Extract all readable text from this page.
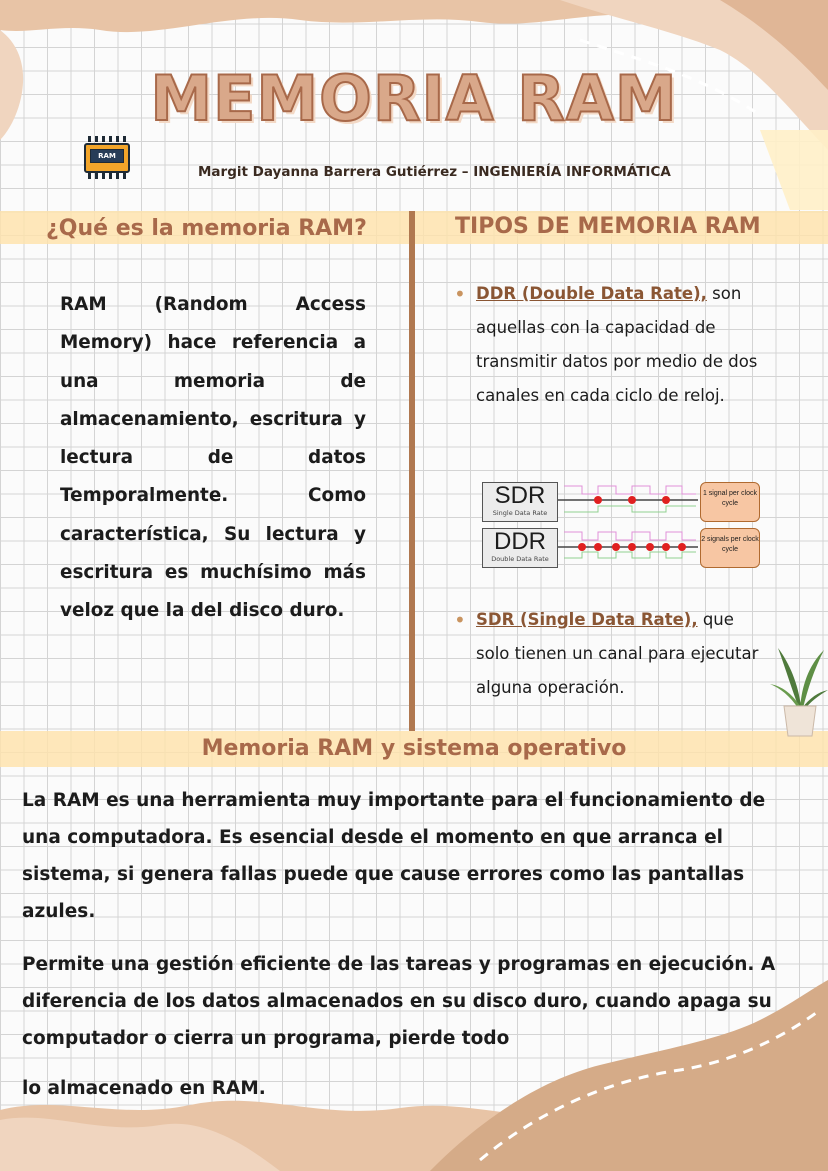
MEMORIA RAM
RAM
Margit Dayanna Barrera Gutiérrez – INGENIERÍA INFORMÁTICA
¿Qué es la memoria RAM?	TIPOS DE MEMORIA RAM

RAM (Random Access Memory) hace referencia a una memoria de almacenamiento, escritura y lectura de datos Temporalmente. Como característica, Su lectura y escritura es muchísimo más veloz que la del disco duro.

• DDR (Double Data Rate), son aquellas con la capacidad de transmitir datos por medio de dos canales en cada ciclo de reloj.

SDR
Single Data Rate
DDR
Double Data Rate
1 signal per clock cycle
2 signals per clock cycle

• SDR (Single Data Rate), que solo tienen un canal para ejecutar alguna operación.

Memoria RAM y sistema operativo

La RAM es una herramienta muy importante para el funcionamiento de una computadora. Es esencial desde el momento en que arranca el sistema, si genera fallas puede que cause errores como las pantallas azules.

Permite una gestión eficiente de las tareas y programas en ejecución. A diferencia de los datos almacenados en su disco duro, cuando apaga su computador o cierra un programa, pierde todo

lo almacenado en RAM.
